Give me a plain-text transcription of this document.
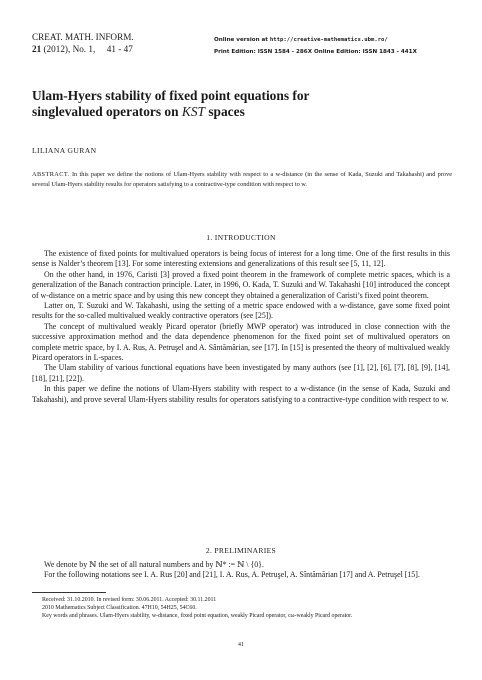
CREAT. MATH. INFORM.
21 (2012), No. 1, 41 - 47
Online version at http://creative-mathematics.ubm.ro/
Print Edition: ISSN 1584 - 286X Online Edition: ISSN 1843 - 441X
Ulam-Hyers stability of fixed point equations for
singlevalued operators on KST spaces
LILIANA GURAN
ABSTRACT. In this paper we define the notions of Ulam-Hyers stability with respect to a w-distance (in the sense of Kada, Suzuki and Takahashi) and prove several Ulam-Hyers stability results for operators satisfying to a contractive-type condition with respect to w.
1. INTRODUCTION

The existence of fixed points for multivalued operators is being focus of interest for a long time. One of the first results in this sense is Nalder’s theorem [13]. For some interesting extensions and generalizations of this result see [5, 11, 12].

On the other hand, in 1976, Caristi [3] proved a fixed point theorem in the framework of complete metric spaces, which is a generalization of the Banach contraction principle. Later, in 1996, O. Kada, T. Suzuki and W. Takahashi [10] introduced the concept of w-distance on a metric space and by using this new concept they obtained a generalization of Caristi’s fixed point theorem.

Latter on, T. Suzuki and W. Takahashi, using the setting of a metric space endowed with a w-distance, gave some fixed point results for the so-called multivalued weakly contractive operators (see [25]).

The concept of multivalued weakly Picard operator (briefly MWP operator) was introduced in close connection with the successive approximation method and the data dependence phenomenon for the fixed point set of multivalued operators on complete metric space, by I. A. Rus, A. Petruşel and A. Sântămărian, see [17]. In [15] is presented the theory of multivalued weakly Picard operators in L-spaces.

The Ulam stability of various functional equations have been investigated by many authors (see [1], [2], [6], [7], [8], [9], [14], [18], [21], [22]).

In this paper we define the notions of Ulam-Hyers stability with respect to a w-distance (in the sense of Kada, Suzuki and Takahashi), and prove several Ulam-Hyers stability results for operators satisfying to a contractive-type condition with respect to w.

2. PRELIMINARIES

We denote by ℕ the set of all natural numbers and by ℕ* := ℕ \ {0}.

For the following notations see I. A. Rus [20] and [21], I. A. Rus, A. Petruşel, A. Sîntămărian [17] and A. Petruşel [15].

Received: 31.10.2010. In revised form: 30.06.2011. Accepted: 30.11.2011

2010 Mathematics Subject Classification. 47H10, 54H25, 54C60.

Key words and phrases. Ulam-Hyers stability, w-distance, fixed point equation, weakly Picard operator, cω-weakly Picard operator.

41
